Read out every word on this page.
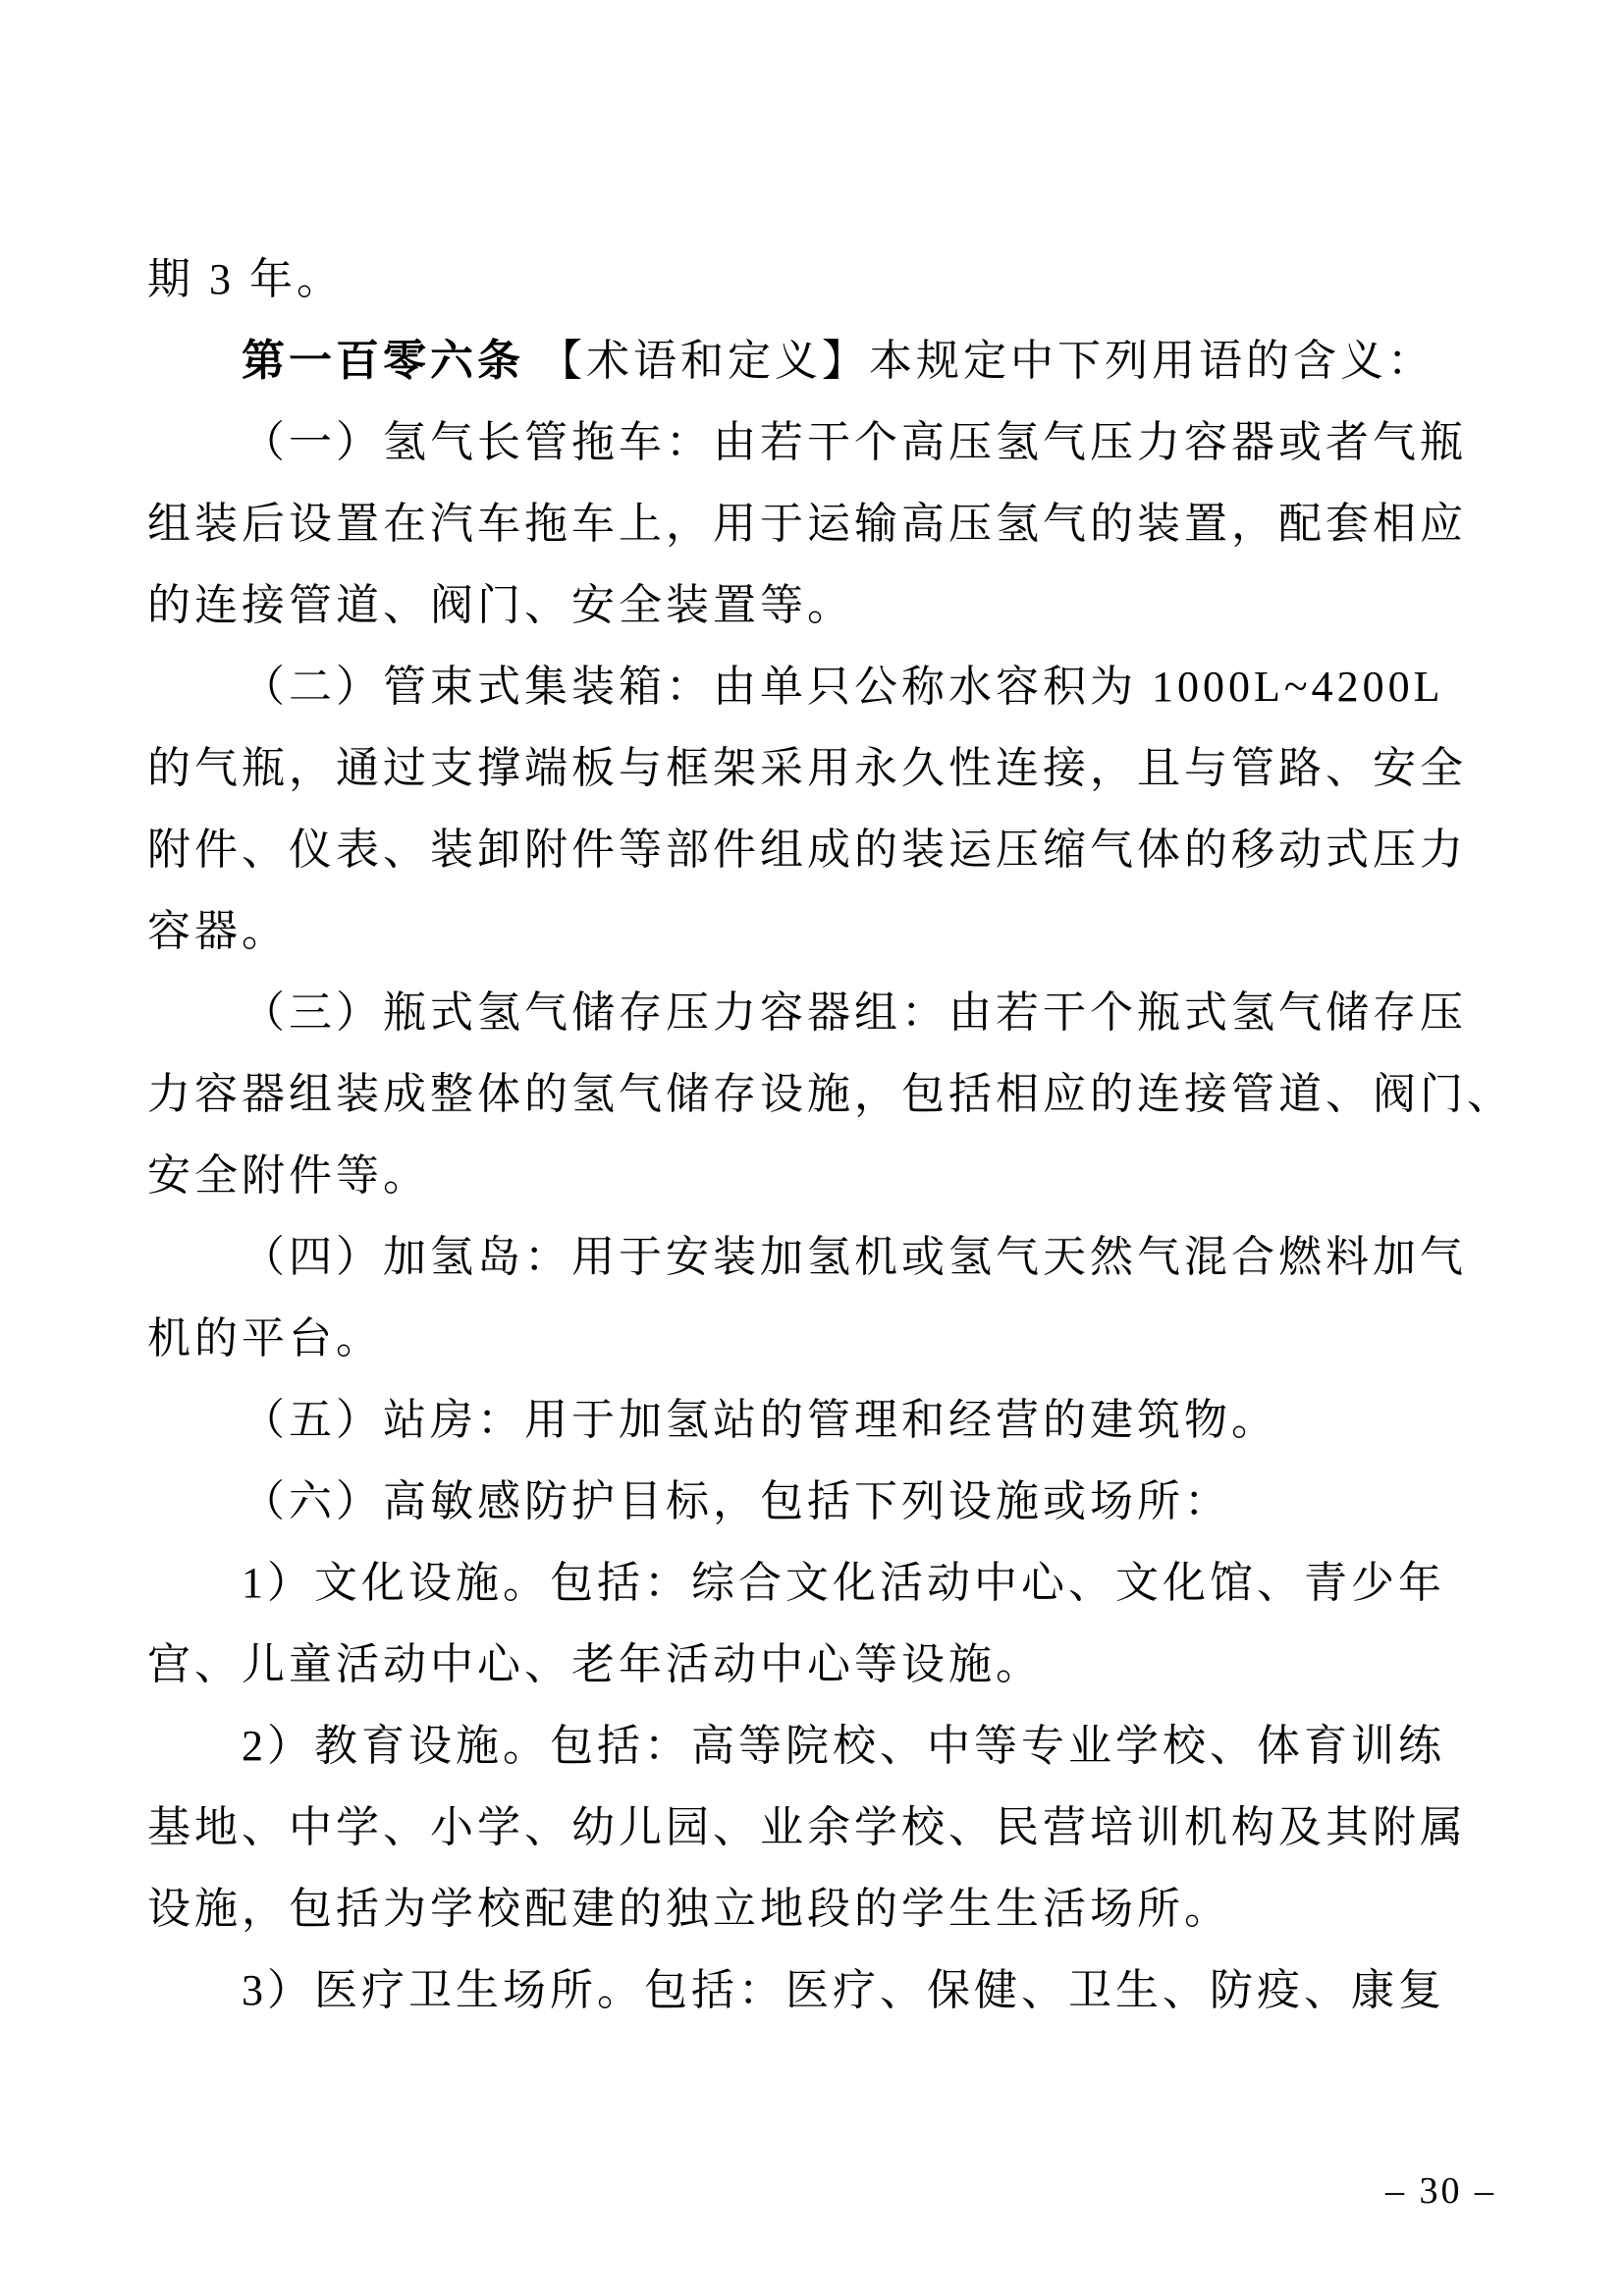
期 3 年。
第一百零六条 【术语和定义】本规定中下列用语的含义：
（一）氢气长管拖车：由若干个高压氢气压力容器或者气瓶
组装后设置在汽车拖车上，用于运输高压氢气的装置，配套相应
的连接管道、阀门、安全装置等。
（二）管束式集装箱：由单只公称水容积为 1000L~4200L
的气瓶，通过支撑端板与框架采用永久性连接，且与管路、安全
附件、仪表、装卸附件等部件组成的装运压缩气体的移动式压力
容器。
（三）瓶式氢气储存压力容器组：由若干个瓶式氢气储存压
力容器组装成整体的氢气储存设施，包括相应的连接管道、阀门、
安全附件等。
（四）加氢岛：用于安装加氢机或氢气天然气混合燃料加气
机的平台。
（五）站房：用于加氢站的管理和经营的建筑物。
（六）高敏感防护目标，包括下列设施或场所：
1）文化设施。包括：综合文化活动中心、文化馆、青少年
宫、儿童活动中心、老年活动中心等设施。
2）教育设施。包括：高等院校、中等专业学校、体育训练
基地、中学、小学、幼儿园、业余学校、民营培训机构及其附属
设施，包括为学校配建的独立地段的学生生活场所。
3）医疗卫生场所。包括：医疗、保健、卫生、防疫、康复
– 30 –
